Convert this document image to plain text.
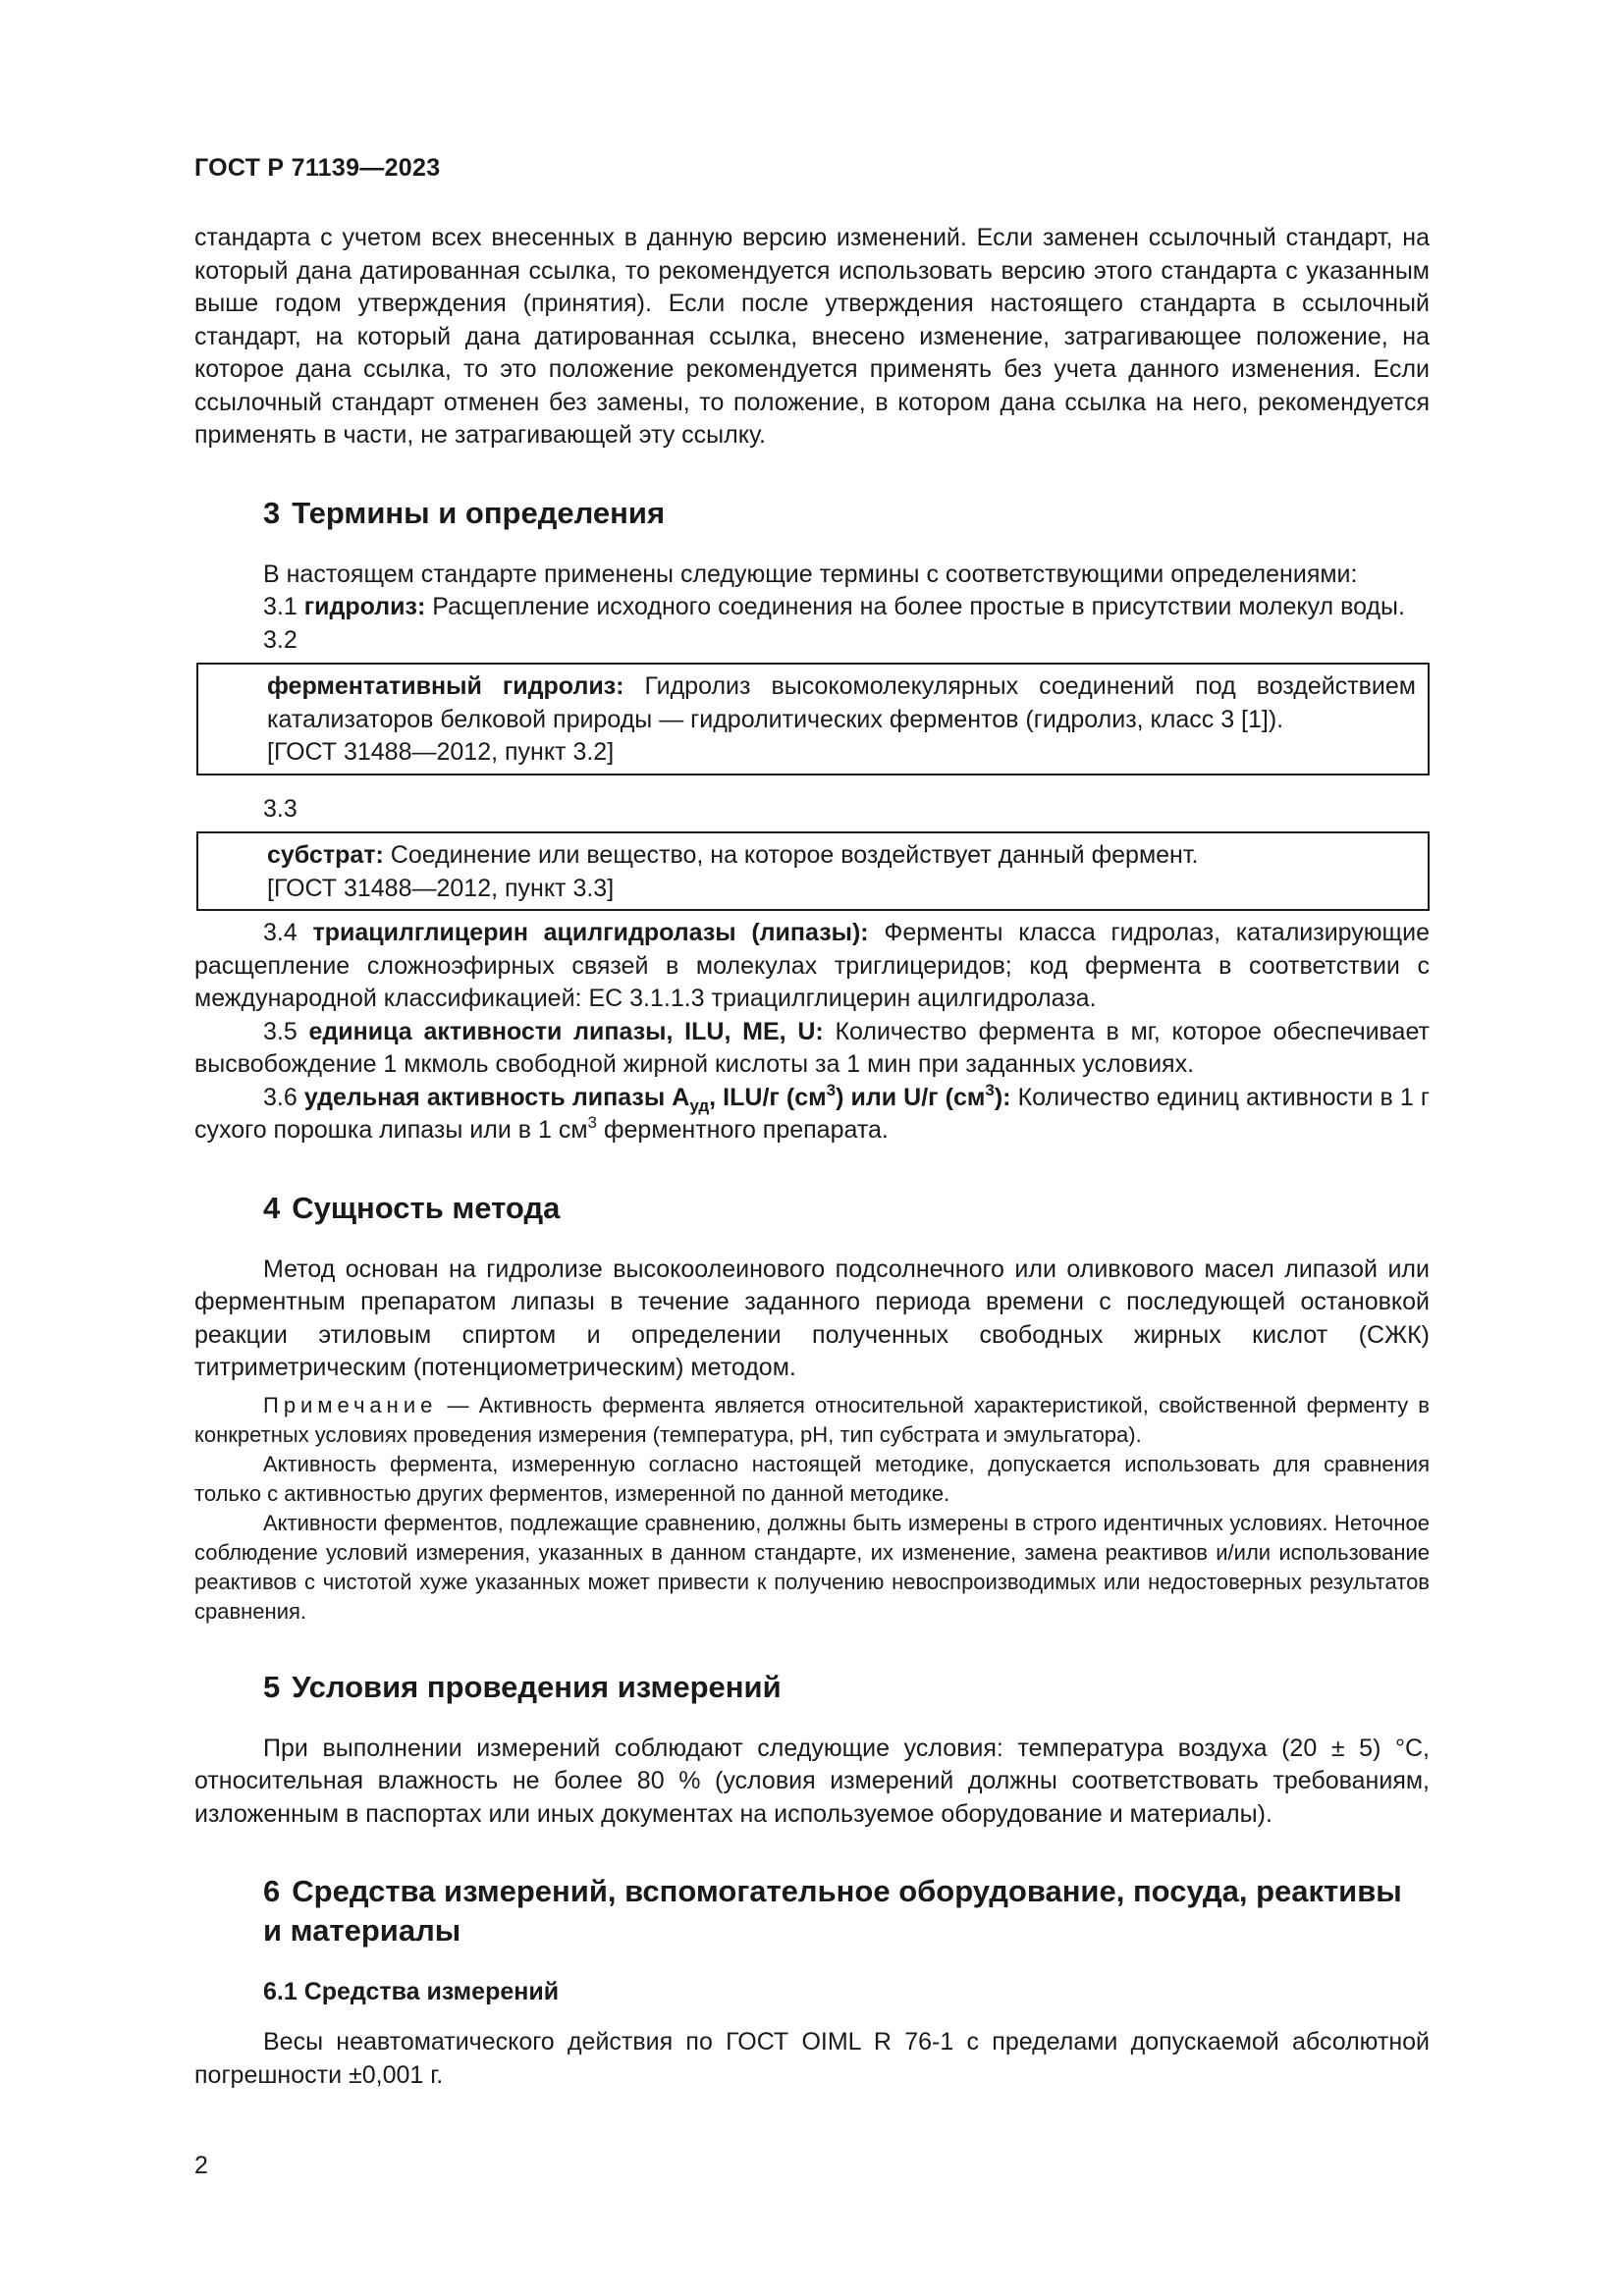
ГОСТ Р 71139—2023

стандарта с учетом всех внесенных в данную версию изменений. Если заменен ссылочный стандарт, на который дана датированная ссылка, то рекомендуется использовать версию этого стандарта с указанным выше годом утверждения (принятия). Если после утверждения настоящего стандарта в ссылочный стандарт, на который дана датированная ссылка, внесено изменение, затрагивающее положение, на которое дана ссылка, то это положение рекомендуется применять без учета данного изменения. Если ссылочный стандарт отменен без замены, то положение, в котором дана ссылка на него, рекомендуется применять в части, не затрагивающей эту ссылку.

3 Термины и определения

В настоящем стандарте применены следующие термины с соответствующими определениями:

3.1 гидролиз: Расщепление исходного соединения на более простые в присутствии молекул воды.

3.2

ферментативный гидролиз: Гидролиз высокомолекулярных соединений под воздействием катализаторов белковой природы — гидролитических ферментов (гидролиз, класс 3 [1]).

[ГОСТ 31488—2012, пункт 3.2]

3.3

субстрат: Соединение или вещество, на которое воздействует данный фермент.

[ГОСТ 31488—2012, пункт 3.3]

3.4 триацилглицерин ацилгидролазы (липазы): Ферменты класса гидролаз, катализирующие расщепление сложноэфирных связей в молекулах триглицеридов; код фермента в соответствии с международной классификацией: ЕС 3.1.1.3 триацилглицерин ацилгидролаза.

3.5 единица активности липазы, ILU, МЕ, U: Количество фермента в мг, которое обеспечивает высвобождение 1 мкмоль свободной жирной кислоты за 1 мин при заданных условиях.

3.6 удельная активность липазы $А_{уд}$, ILU/г $(см^3)$ или U/г $(см^3)$: Количество единиц активности в 1 г сухого порошка липазы или в 1 $см^3$ ферментного препарата.

4 Сущность метода

Метод основан на гидролизе высокоолеинового подсолнечного или оливкового масел липазой или ферментным препаратом липазы в течение заданного периода времени с последующей остановкой реакции этиловым спиртом и определении полученных свободных жирных кислот (СЖК) титриметрическим (потенциометрическим) методом.

Примечание — Активность фермента является относительной характеристикой, свойственной ферменту в конкретных условиях проведения измерения (температура, pH, тип субстрата и эмульгатора).

Активность фермента, измеренную согласно настоящей методике, допускается использовать для сравнения только с активностью других ферментов, измеренной по данной методике.

Активности ферментов, подлежащие сравнению, должны быть измерены в строго идентичных условиях. Неточное соблюдение условий измерения, указанных в данном стандарте, их изменение, замена реактивов и/или использование реактивов с чистотой хуже указанных может привести к получению невоспроизводимых или недостоверных результатов сравнения.

5 Условия проведения измерений

При выполнении измерений соблюдают следующие условия: температура воздуха (20 ± 5) °С, относительная влажность не более 80 % (условия измерений должны соответствовать требованиям, изложенным в паспортах или иных документах на используемое оборудование и материалы).

6 Средства измерений, вспомогательное оборудование, посуда, реактивы и материалы
6.1 Средства измерений

Весы неавтоматического действия по ГОСТ OIML R 76-1 с пределами допускаемой абсолютной погрешности ±0,001 г.

2
